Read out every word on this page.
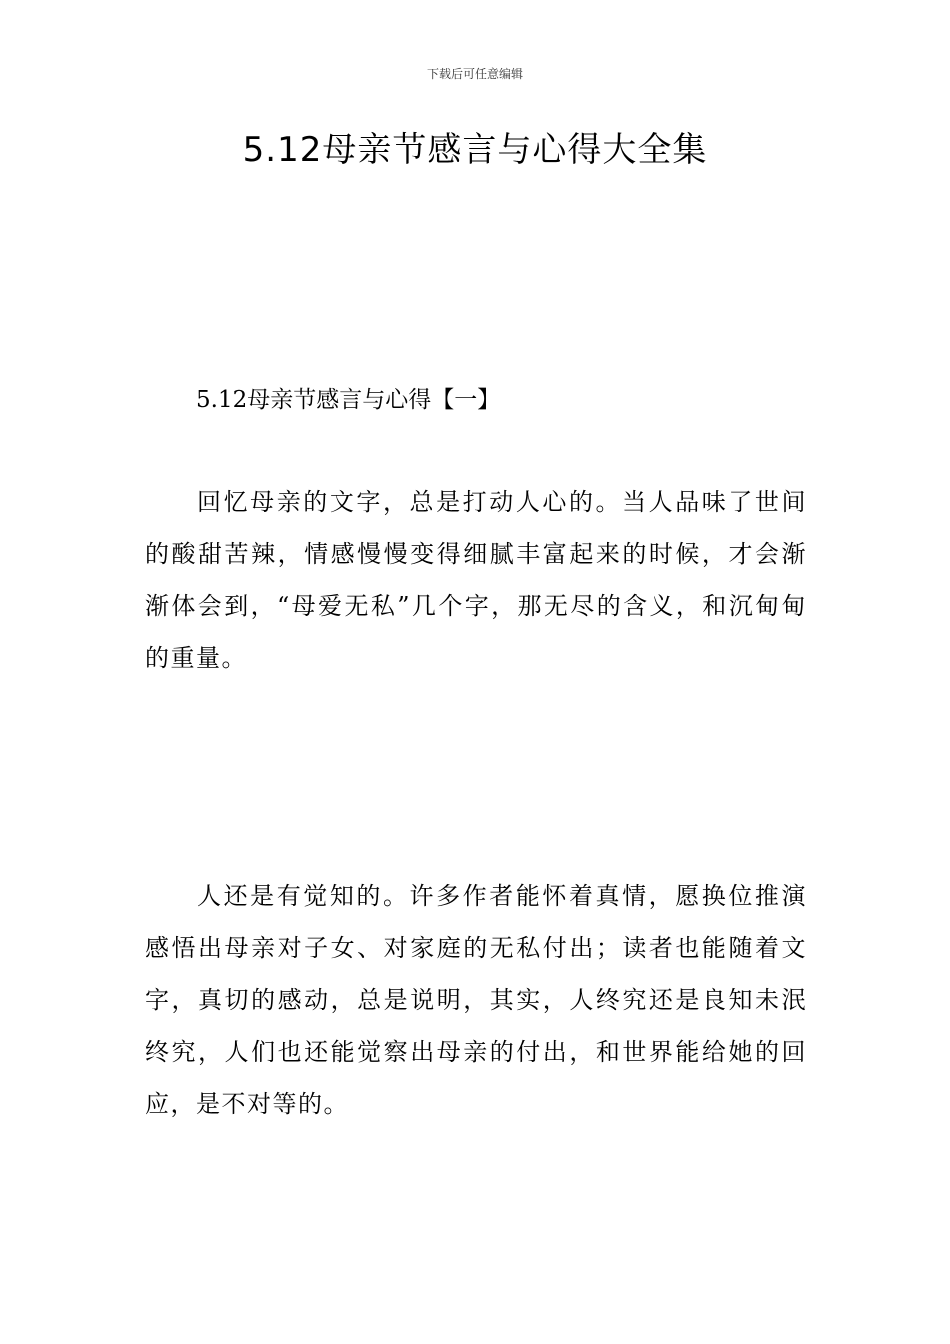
下载后可任意编辑
5.12母亲节感言与心得大全集
5.12母亲节感言与心得【一】

回忆母亲的文字，总是打动人心的。当人品味了世间的酸甜苦辣，情感慢慢变得细腻丰富起来的时候，才会渐渐体会到，“母爱无私”几个字，那无尽的含义，和沉甸甸的重量。

人还是有觉知的。许多作者能怀着真情，愿换位推演感悟出母亲对子女、对家庭的无私付出；读者也能随着文字，真切的感动，总是说明，其实，人终究还是良知未泯终究，人们也还能觉察出母亲的付出，和世界能给她的回应，是不对等的。
